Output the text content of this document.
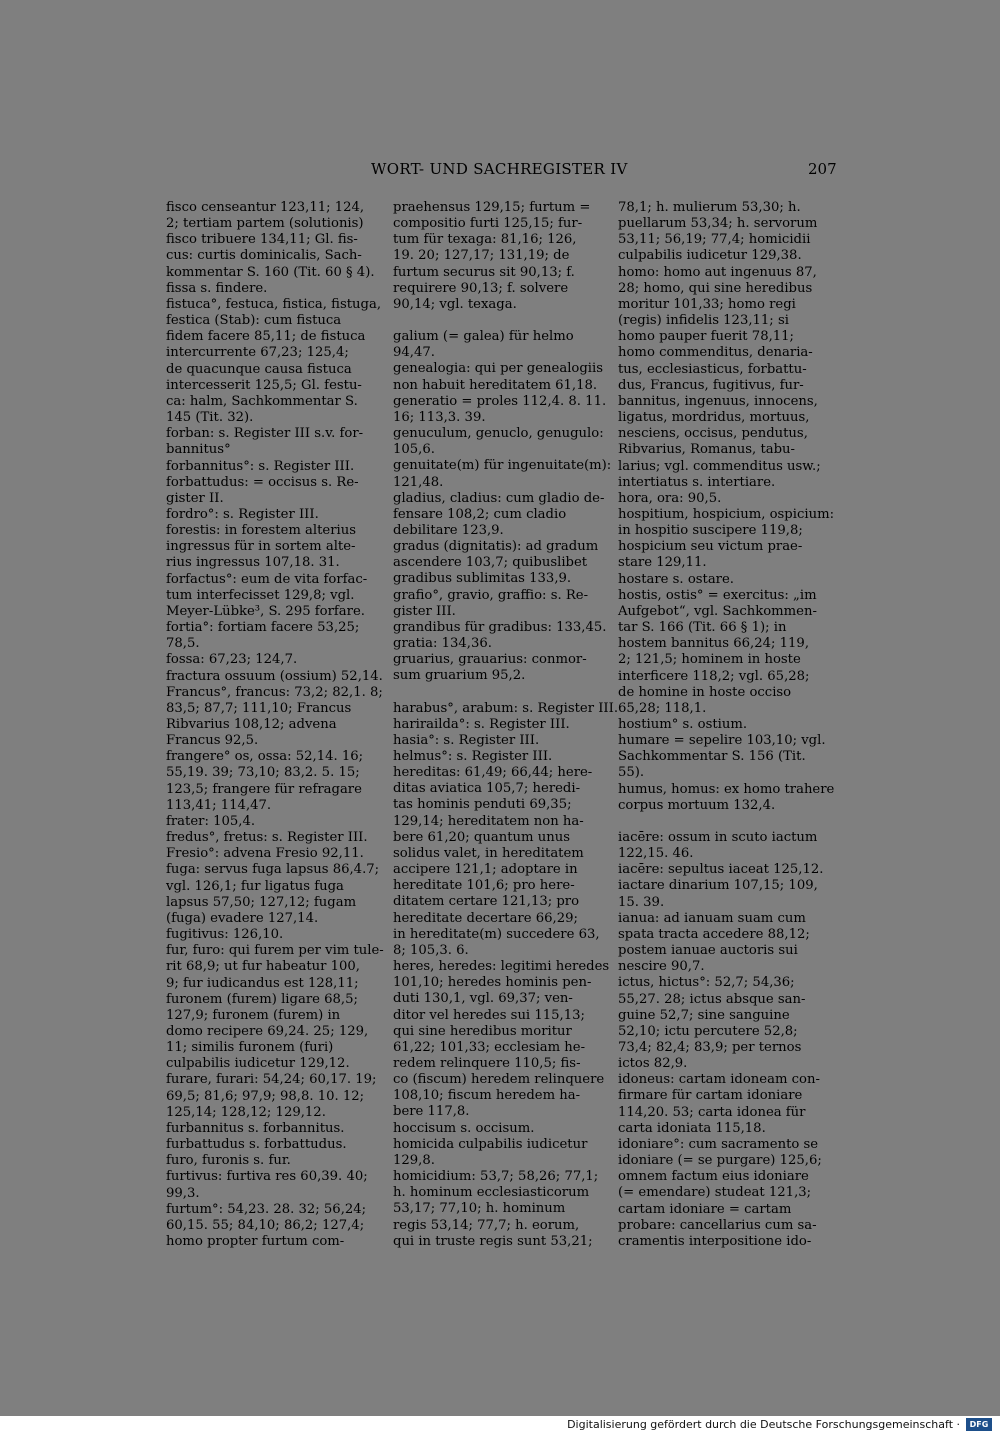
WORT- UND SACHREGISTER IV	207

fisco censeantur 123,11; 124,

2; tertiam partem (solutionis)

fisco tribuere 134,11; Gl. fis-

cus: curtis dominicalis, Sach-

kommentar S. 160 (Tit. 60 § 4).

fissa s. findere.

fistuca°, festuca, fistica, fistuga,

festica (Stab): cum fistuca

fidem facere 85,11; de fistuca

intercurrente 67,23; 125,4;

de quacunque causa fistuca

intercesserit 125,5; Gl. festu-

ca: halm, Sachkommentar S.

145 (Tit. 32).

forban: s. Register III s.v. for-

bannitus°

forbannitus°: s. Register III.

forbattudus: = occisus s. Re-

gister II.

fordro°: s. Register III.

forestis: in forestem alterius

ingressus für in sortem alte-

rius ingressus 107,18. 31.

forfactus°: eum de vita forfac-

tum interfecisset 129,8; vgl.

Meyer-Lübke³, S. 295 forfare.

fortia°: fortiam facere 53,25;

78,5.

fossa: 67,23; 124,7.

fractura ossuum (ossium) 52,14.

Francus°, francus: 73,2; 82,1. 8;

83,5; 87,7; 111,10; Francus

Ribvarius 108,12; advena

Francus 92,5.

frangere° os, ossa: 52,14. 16;

55,19. 39; 73,10; 83,2. 5. 15;

123,5; frangere für refragare

113,41; 114,47.

frater: 105,4.

fredus°, fretus: s. Register III.

Fresio°: advena Fresio 92,11.

fuga: servus fuga lapsus 86,4.7;

vgl. 126,1; fur ligatus fuga

lapsus 57,50; 127,12; fugam

(fuga) evadere 127,14.

fugitivus: 126,10.

fur, furo: qui furem per vim tule-

rit 68,9; ut fur habeatur 100,

9; fur iudicandus est 128,11;

furonem (furem) ligare 68,5;

127,9; furonem (furem) in

domo recipere 69,24. 25; 129,

11; similis furonem (furi)

culpabilis iudicetur 129,12.

furare, furari: 54,24; 60,17. 19;

69,5; 81,6; 97,9; 98,8. 10. 12;

125,14; 128,12; 129,12.

furbannitus s. forbannitus.

furbattudus s. forbattudus.

furo, furonis s. fur.

furtivus: furtiva res 60,39. 40;

99,3.

furtum°: 54,23. 28. 32; 56,24;

60,15. 55; 84,10; 86,2; 127,4;

homo propter furtum com-

praehensus 129,15; furtum =

compositio furti 125,15; fur-

tum für texaga: 81,16; 126,

19. 20; 127,17; 131,19; de

furtum securus sit 90,13; f.

requirere 90,13; f. solvere

90,14; vgl. texaga.

galium (= galea) für helmo

94,47.

genealogia: qui per genealogiis

non habuit hereditatem 61,18.

generatio = proles 112,4. 8. 11.

16; 113,3. 39.

genuculum, genuclo, genugulo:

105,6.

genuitate(m) für ingenuitate(m):

121,48.

gladius, cladius: cum gladio de-

fensare 108,2; cum cladio

debilitare 123,9.

gradus (dignitatis): ad gradum

ascendere 103,7; quibuslibet

gradibus sublimitas 133,9.

grafio°, gravio, graffio: s. Re-

gister III.

grandibus für gradibus: 133,45.

gratia: 134,36.

gruarius, grauarius: conmor-

sum gruarium 95,2.

harabus°, arabum: s. Register III.

harirailda°: s. Register III.

hasia°: s. Register III.

helmus°: s. Register III.

hereditas: 61,49; 66,44; here-

ditas aviatica 105,7; heredi-

tas hominis penduti 69,35;

129,14; hereditatem non ha-

bere 61,20; quantum unus

solidus valet, in hereditatem

accipere 121,1; adoptare in

hereditate 101,6; pro here-

ditatem certare 121,13; pro

hereditate decertare 66,29;

in hereditate(m) succedere 63,

8; 105,3. 6.

heres, heredes: legitimi heredes

101,10; heredes hominis pen-

duti 130,1, vgl. 69,37; ven-

ditor vel heredes sui 115,13;

qui sine heredibus moritur

61,22; 101,33; ecclesiam he-

redem relinquere 110,5; fis-

co (fiscum) heredem relinquere

108,10; fiscum heredem ha-

bere 117,8.

hoccisum s. occisum.

homicida culpabilis iudicetur

129,8.

homicidium: 53,7; 58,26; 77,1;

h. hominum ecclesiasticorum

53,17; 77,10; h. hominum

regis 53,14; 77,7; h. eorum,

qui in truste regis sunt 53,21;

78,1; h. mulierum 53,30; h.

puellarum 53,34; h. servorum

53,11; 56,19; 77,4; homicidii

culpabilis iudicetur 129,38.

homo: homo aut ingenuus 87,

28; homo, qui sine heredibus

moritur 101,33; homo regi

(regis) infidelis 123,11; si

homo pauper fuerit 78,11;

homo commenditus, denaria-

tus, ecclesiasticus, forbattu-

dus, Francus, fugitivus, fur-

bannitus, ingenuus, innocens,

ligatus, mordridus, mortuus,

nesciens, occisus, pendutus,

Ribvarius, Romanus, tabu-

larius; vgl. commenditus usw.;

intertiatus s. intertiare.

hora, ora: 90,5.

hospitium, hospicium, ospicium:

in hospitio suscipere 119,8;

hospicium seu victum prae-

stare 129,11.

hostare s. ostare.

hostis, ostis° = exercitus: „im

Aufgebot“, vgl. Sachkommen-

tar S. 166 (Tit. 66 § 1); in

hostem bannitus 66,24; 119,

2; 121,5; hominem in hoste

interficere 118,2; vgl. 65,28;

de homine in hoste occiso

65,28; 118,1.

hostium° s. ostium.

humare = sepelire 103,10; vgl.

Sachkommentar S. 156 (Tit.

55).

humus, homus: ex homo trahere

corpus mortuum 132,4.

iacēre: ossum in scuto iactum

122,15. 46.

iacēre: sepultus iaceat 125,12.

iactare dinarium 107,15; 109,

15. 39.

ianua: ad ianuam suam cum

spata tracta accedere 88,12;

postem ianuae auctoris sui

nescire 90,7.

ictus, hictus°: 52,7; 54,36;

55,27. 28; ictus absque san-

guine 52,7; sine sanguine

52,10; ictu percutere 52,8;

73,4; 82,4; 83,9; per ternos

ictos 82,9.

idoneus: cartam idoneam con-

firmare für cartam idoniare

114,20. 53; carta idonea für

carta idoniata 115,18.

idoniare°: cum sacramento se

idoniare (= se purgare) 125,6;

omnem factum eius idoniare

(= emendare) studeat 121,3;

cartam idoniare = cartam

probare: cancellarius cum sa-

cramentis interpositione ido-

Digitalisierung gefördert durch die Deutsche Forschungsgemeinschaft ·	DFG
